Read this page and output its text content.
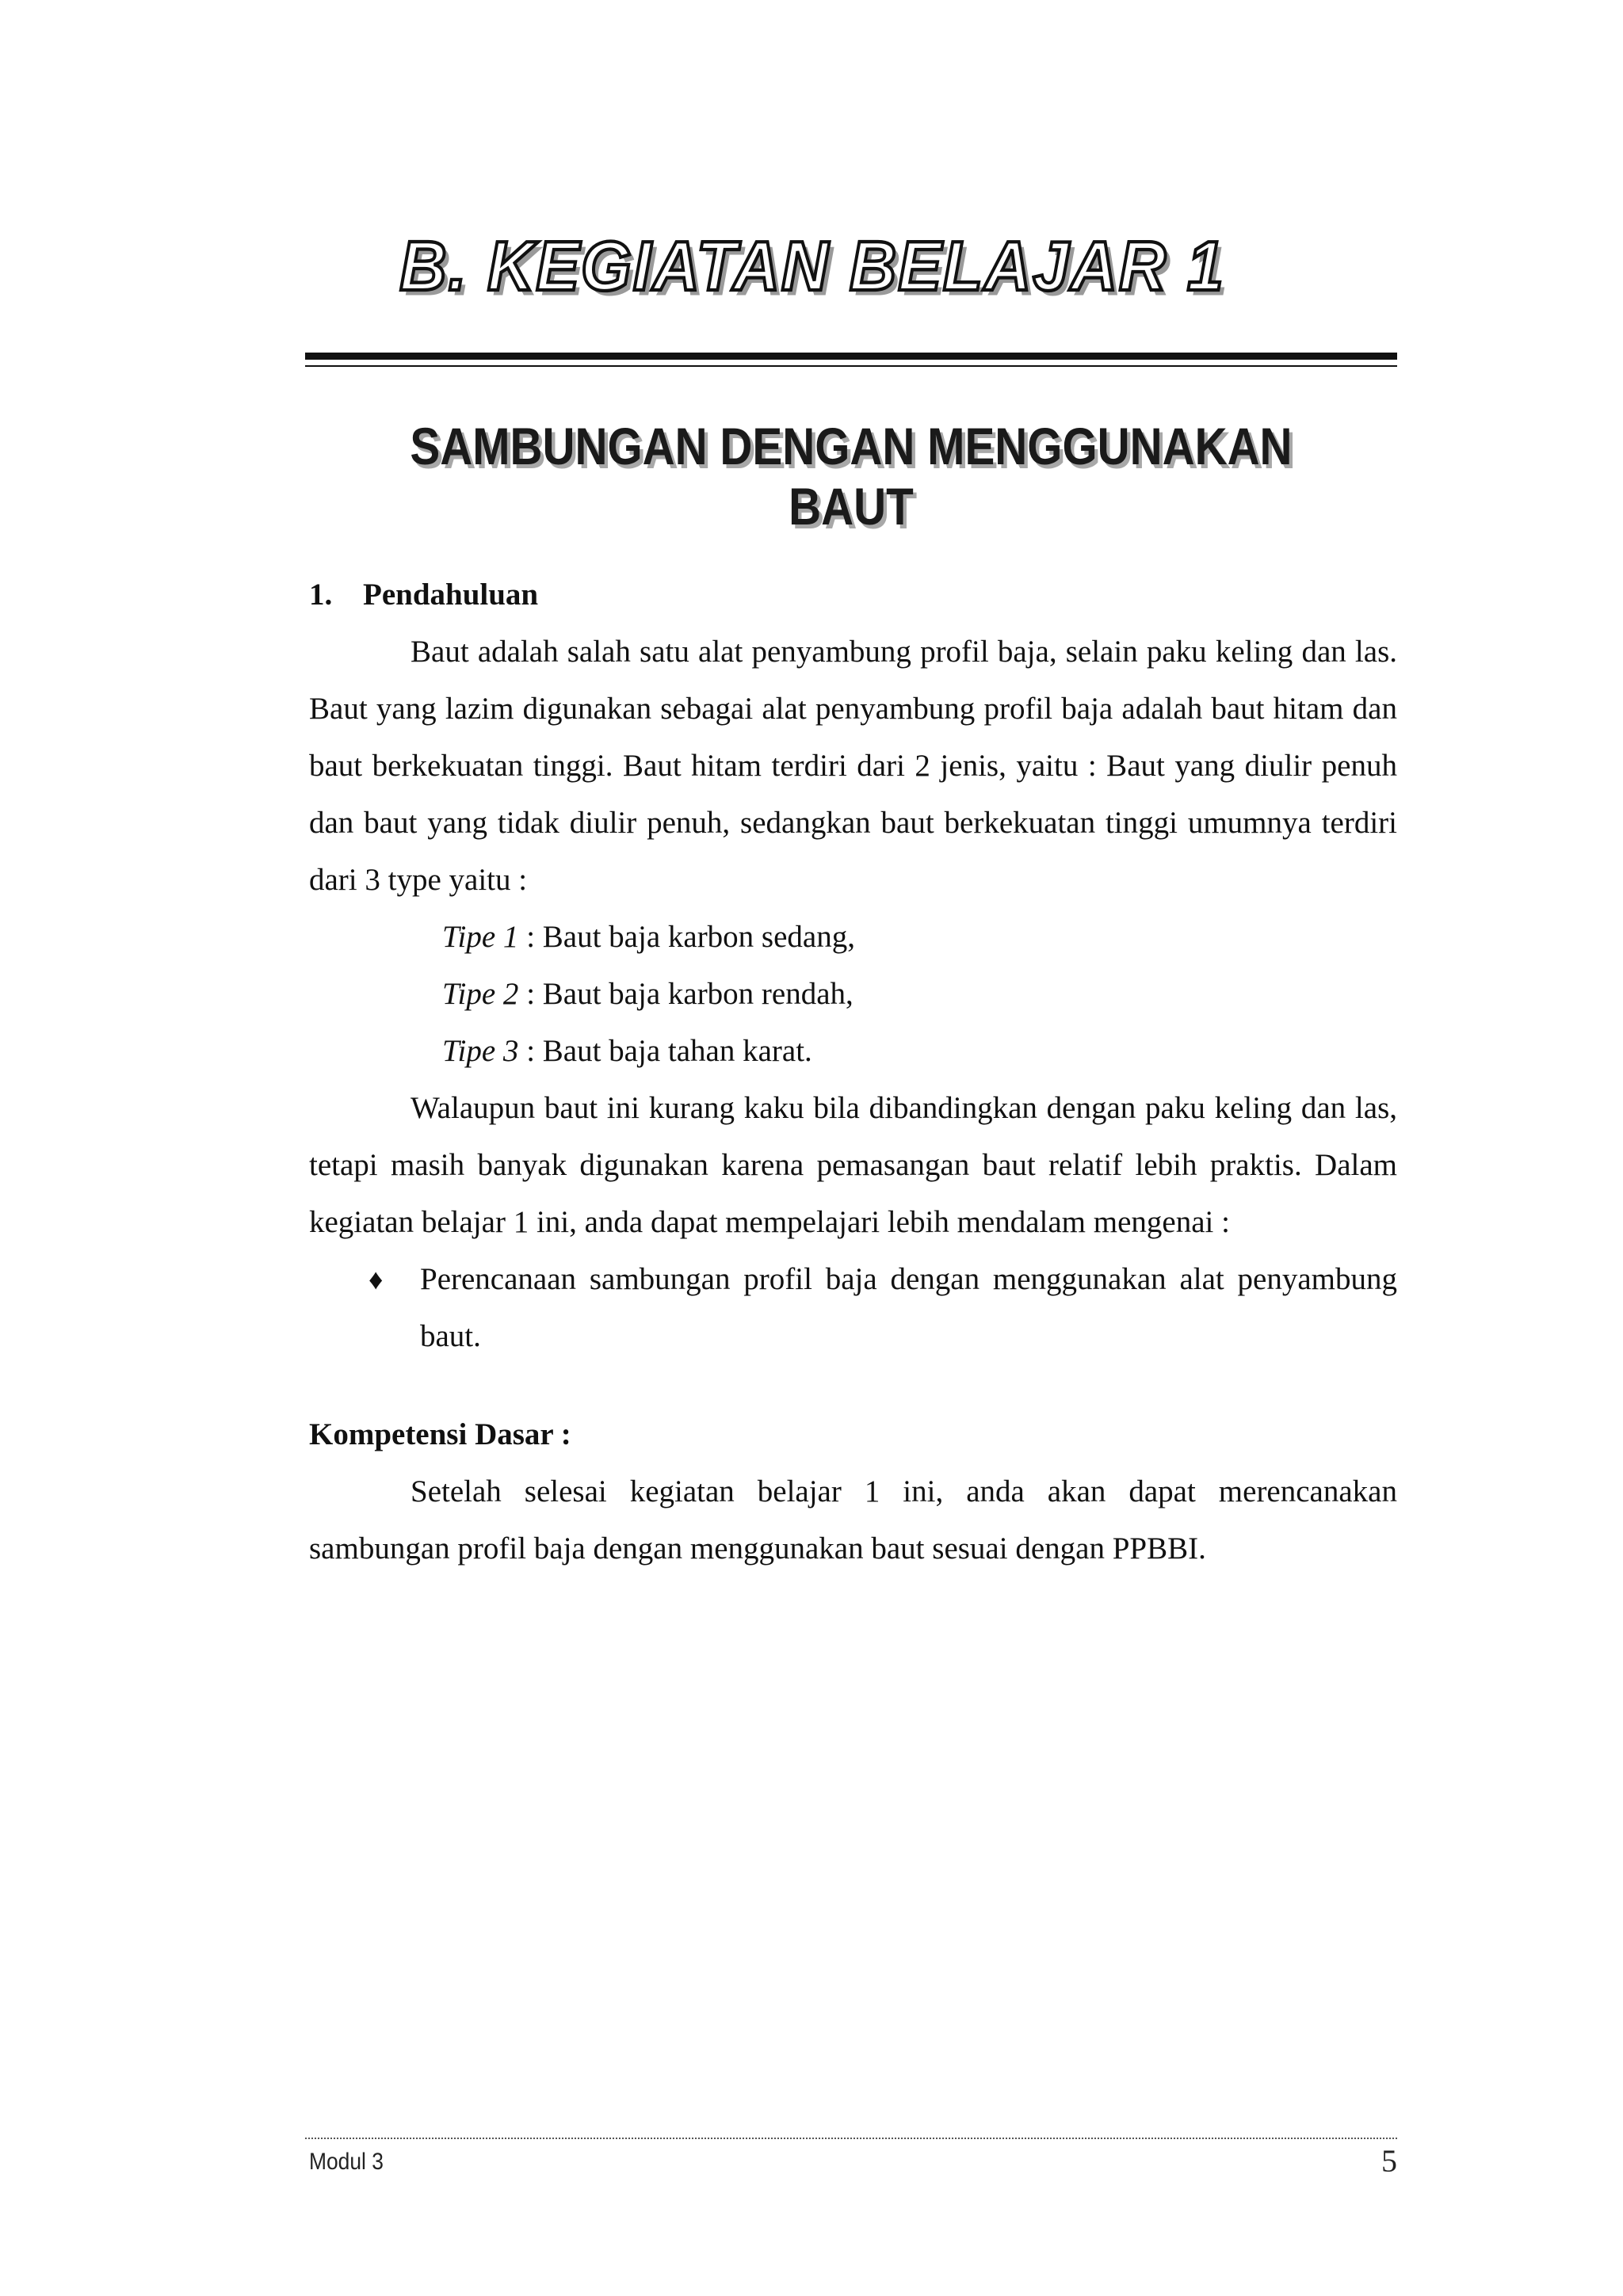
B. KEGIATAN BELAJAR 1
SAMBUNGAN DENGAN MENGGUNAKAN BAUT
1. Pendahuluan

Baut adalah salah satu alat penyambung profil baja, selain paku keling dan las. Baut yang lazim digunakan sebagai alat penyambung profil baja adalah baut hitam dan baut berkekuatan tinggi. Baut hitam terdiri dari 2 jenis, yaitu : Baut yang diulir penuh dan baut yang tidak diulir penuh, sedangkan baut berkekuatan tinggi umumnya terdiri dari 3 type yaitu :

Tipe 1 : Baut baja karbon sedang,
Tipe 2 : Baut baja karbon rendah,
Tipe 3 : Baut baja tahan karat.

Walaupun baut ini kurang kaku bila dibandingkan dengan paku keling dan las, tetapi masih banyak digunakan karena pemasangan baut relatif lebih praktis. Dalam kegiatan belajar 1 ini, anda dapat mempelajari lebih mendalam mengenai :

♦	Perencanaan sambungan profil baja dengan menggunakan alat penyambung baut.
Kompetensi Dasar :

Setelah selesai kegiatan belajar 1 ini, anda akan dapat merencanakan sambungan profil baja dengan menggunakan baut sesuai dengan PPBBI.

Modul 3	5
